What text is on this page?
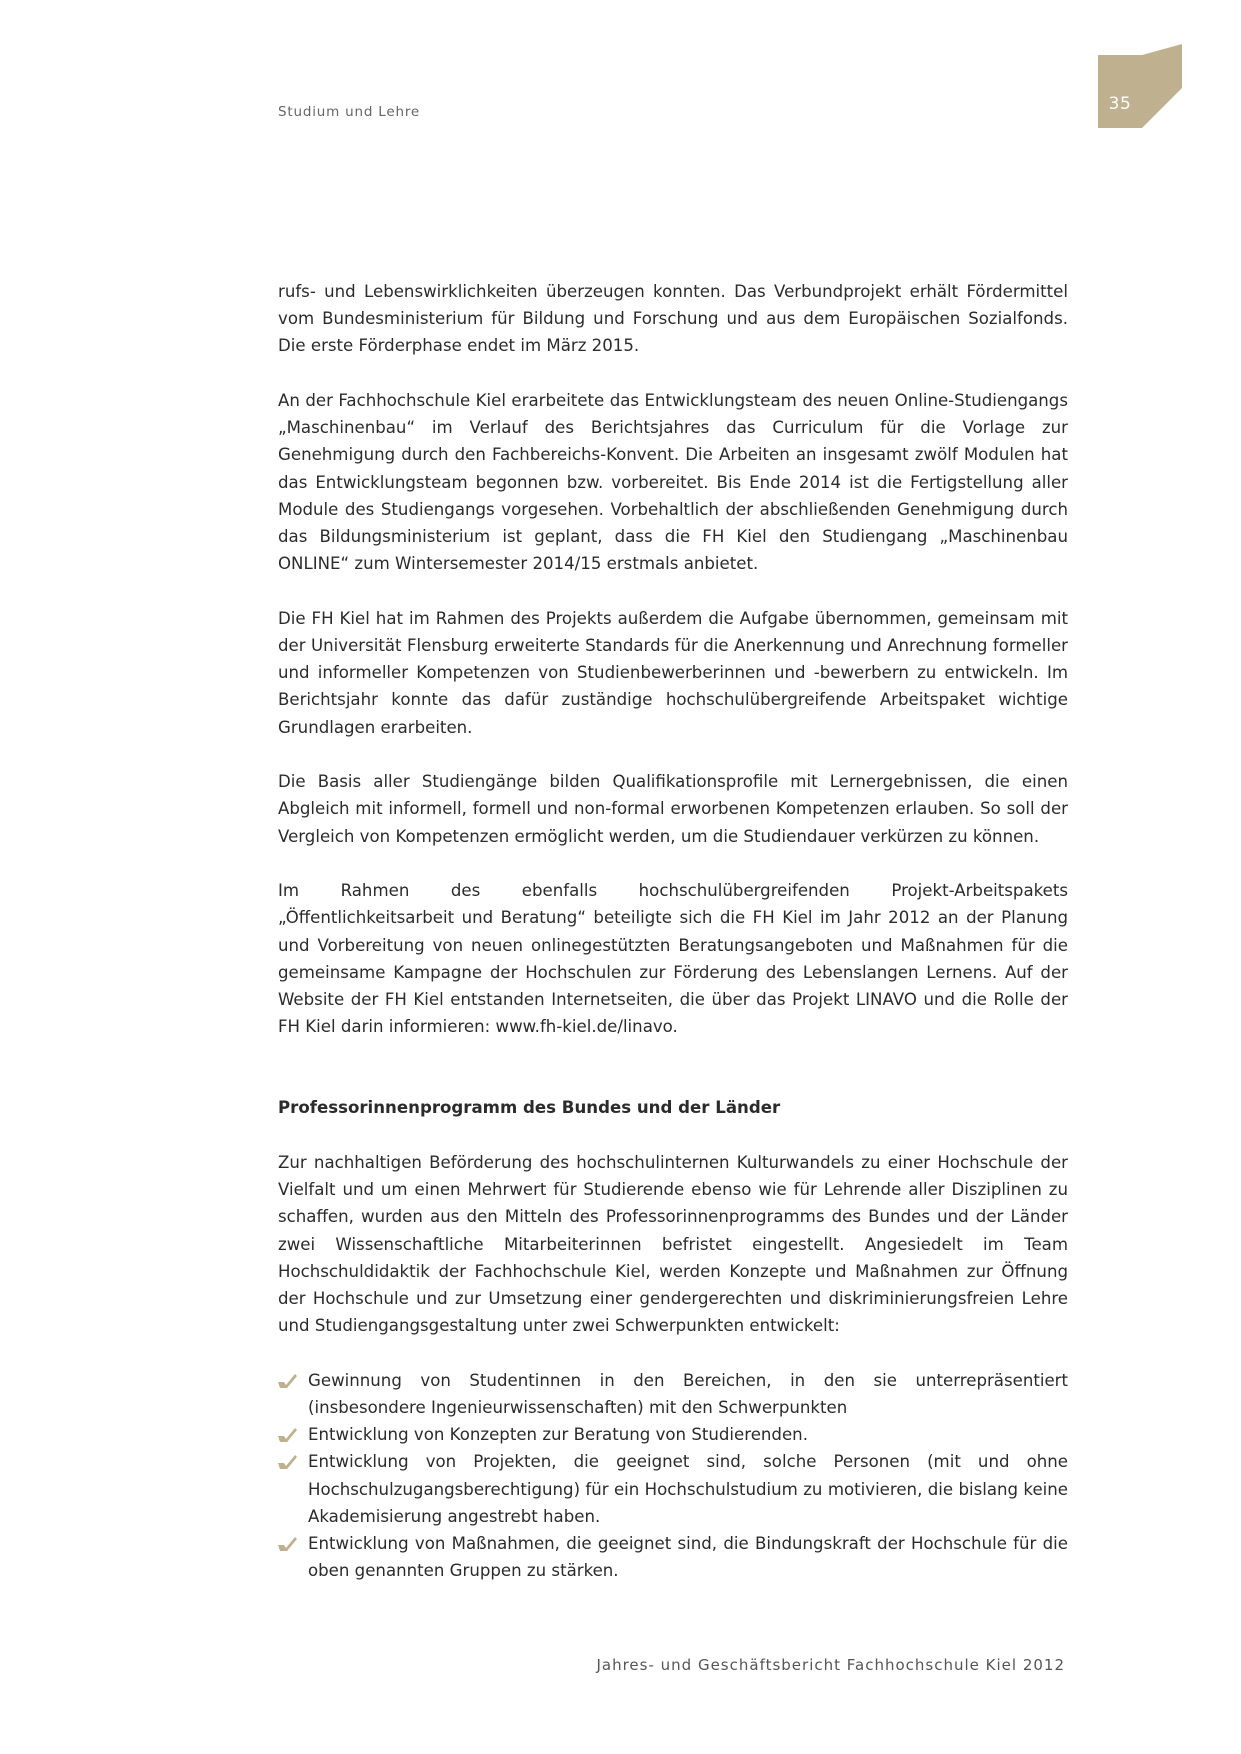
Studium und Lehre	35

rufs- und Lebenswirklichkeiten überzeugen konnten. Das Verbundprojekt erhält Fördermittel vom Bundesministerium für Bildung und Forschung und aus dem Europäischen Sozialfonds. Die erste Förderphase endet im März 2015.

An der Fachhochschule Kiel erarbeitete das Entwicklungsteam des neuen Online-Studiengangs „Maschinenbau“ im Verlauf des Berichtsjahres das Curriculum für die Vorlage zur Genehmigung durch den Fachbereichs-Konvent. Die Arbeiten an insgesamt zwölf Modulen hat das Entwicklungsteam begonnen bzw. vorbereitet. Bis Ende 2014 ist die Fertigstellung aller Module des Studiengangs vorgesehen. Vorbehaltlich der abschließenden Genehmigung durch das Bildungsministerium ist geplant, dass die FH Kiel den Studiengang „Maschinenbau ONLINE“ zum Wintersemester 2014/15 erstmals anbietet.

Die FH Kiel hat im Rahmen des Projekts außerdem die Aufgabe übernommen, gemeinsam mit der Universität Flensburg erweiterte Standards für die Anerkennung und Anrechnung formeller und informeller Kompetenzen von Studienbewerberinnen und -bewerbern zu entwickeln. Im Berichtsjahr konnte das dafür zuständige hochschulübergreifende Arbeitspaket wichtige Grundlagen erarbeiten.

Die Basis aller Studiengänge bilden Qualifikationsprofile mit Lernergebnissen, die einen Abgleich mit informell, formell und non-formal erworbenen Kompetenzen erlauben. So soll der Vergleich von Kompetenzen ermöglicht werden, um die Studiendauer verkürzen zu können.

Im Rahmen des ebenfalls hochschulübergreifenden Projekt-Arbeitspakets „Öffentlichkeitsarbeit und Beratung“ beteiligte sich die FH Kiel im Jahr 2012 an der Planung und Vorbereitung von neuen onlinegestützten Beratungsangeboten und Maßnahmen für die gemeinsame Kampagne der Hochschulen zur Förderung des Lebenslangen Lernens. Auf der Website der FH Kiel entstanden Internetseiten, die über das Projekt LINAVO und die Rolle der FH Kiel darin informieren: www.fh-kiel.de/linavo.

Professorinnenprogramm des Bundes und der Länder

Zur nachhaltigen Beförderung des hochschulinternen Kulturwandels zu einer Hochschule der Vielfalt und um einen Mehrwert für Studierende ebenso wie für Lehrende aller Disziplinen zu schaffen, wurden aus den Mitteln des Professorinnenprogramms des Bundes und der Länder zwei Wissenschaftliche Mitarbeiterinnen befristet eingestellt. Angesiedelt im Team Hochschuldidaktik der Fachhochschule Kiel, werden Konzepte und Maßnahmen zur Öffnung der Hochschule und zur Umsetzung einer gendergerechten und diskriminierungsfreien Lehre und Studiengangsgestaltung unter zwei Schwerpunkten entwickelt:

Gewinnung von Studentinnen in den Bereichen, in den sie unterrepräsentiert (insbesondere Ingenieurwissenschaften) mit den Schwerpunkten
Entwicklung von Konzepten zur Beratung von Studierenden.
Entwicklung von Projekten, die geeignet sind, solche Personen (mit und ohne Hochschulzugangsberechtigung) für ein Hochschulstudium zu motivieren, die bislang keine Akademisierung angestrebt haben.
Entwicklung von Maßnahmen, die geeignet sind, die Bindungskraft der Hochschule für die oben genannten Gruppen zu stärken.
Jahres- und Geschäftsbericht Fachhochschule Kiel 2012
